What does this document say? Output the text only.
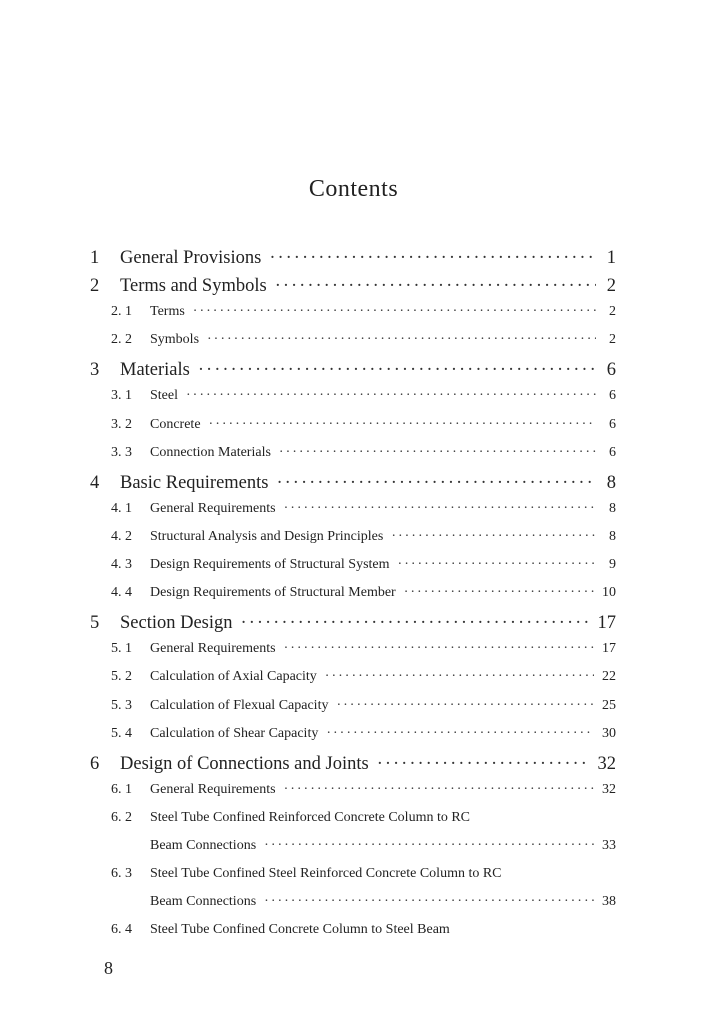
Contents
1	General Provisions ·····	1
2	Terms and Symbols ·····	2
2. 1	Terms ·····	2
2. 2	Symbols ·····	2
3	Materials ·····	6
3. 1	Steel ·····	6
3. 2	Concrete ·····	6
3. 3	Connection Materials ·····	6
4	Basic Requirements ·····	8
4. 1	General Requirements ·····	8
4. 2	Structural Analysis and Design Principles ·····	8
4. 3	Design Requirements of Structural System ·····	9
4. 4	Design Requirements of Structural Member ·····	10
5	Section Design ·····	17
5. 1	General Requirements ·····	17
5. 2	Calculation of Axial Capacity ·····	22
5. 3	Calculation of Flexual Capacity ·····	25
5. 4	Calculation of Shear Capacity ·····	30
6	Design of Connections and Joints ·····	32
6. 1	General Requirements ·····	32
6. 2	Steel Tube Confined Reinforced Concrete Column to RC
Beam Connections ·····	33
6. 3	Steel Tube Confined Steel Reinforced Concrete Column to RC
Beam Connections ·····	38
6. 4	Steel Tube Confined Concrete Column to Steel Beam
8
